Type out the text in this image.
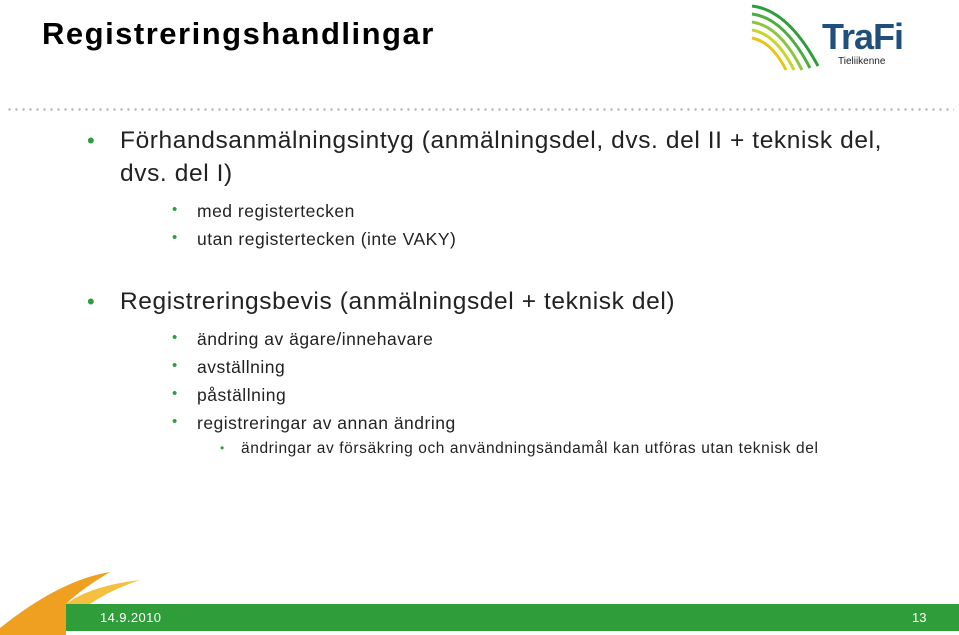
Registreringshandlingar	TraFi
Tieliikenne
• Förhandsanmälningsintyg (anmälningsdel, dvs. del II + teknisk del, dvs. del I)
• med registertecken
• utan registertecken (inte VAKY)
• Registreringsbevis (anmälningsdel + teknisk del)
• ändring av ägare/innehavare
• avställning
• påställning
• registreringar av annan ändring
• ändringar av försäkring och användningsändamål kan utföras utan teknisk del
14.9.2010	13
